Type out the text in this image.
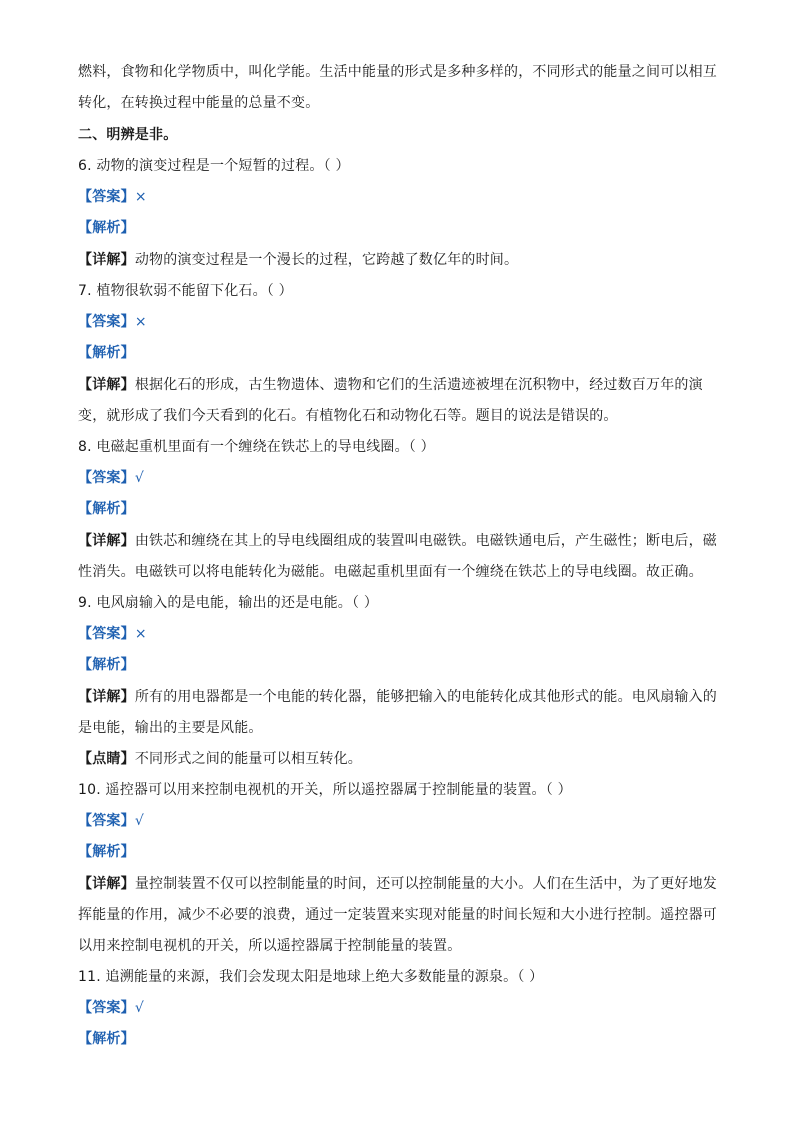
燃料，食物和化学物质中，叫化学能。生活中能量的形式是多种多样的，不同形式的能量之间可以相互
转化，在转换过程中能量的总量不变。
二、明辨是非。
6. 动物的演变过程是一个短暂的过程。（ ）
【答案】×
【解析】
【详解】动物的演变过程是一个漫长的过程，它跨越了数亿年的时间。
7. 植物很软弱不能留下化石。（ ）
【答案】×
【解析】
【详解】根据化石的形成，古生物遗体、遗物和它们的生活遗迹被埋在沉积物中，经过数百万年的演
变，就形成了我们今天看到的化石。有植物化石和动物化石等。题目的说法是错误的。
8. 电磁起重机里面有一个缠绕在铁芯上的导电线圈。（ ）
【答案】√
【解析】
【详解】由铁芯和缠绕在其上的导电线圈组成的装置叫电磁铁。电磁铁通电后，产生磁性；断电后，磁
性消失。电磁铁可以将电能转化为磁能。电磁起重机里面有一个缠绕在铁芯上的导电线圈。故正确。
9. 电风扇输入的是电能，输出的还是电能。（ ）
【答案】×
【解析】
【详解】所有的用电器都是一个电能的转化器，能够把输入的电能转化成其他形式的能。电风扇输入的
是电能，输出的主要是风能。
【点睛】不同形式之间的能量可以相互转化。
10. 遥控器可以用来控制电视机的开关，所以遥控器属于控制能量的装置。（ ）
【答案】√
【解析】
【详解】量控制装置不仅可以控制能量的时间，还可以控制能量的大小。人们在生活中，为了更好地发
挥能量的作用，减少不必要的浪费，通过一定装置来实现对能量的时间长短和大小进行控制。遥控器可
以用来控制电视机的开关，所以遥控器属于控制能量的装置。
11. 追溯能量的来源，我们会发现太阳是地球上绝大多数能量的源泉。（ ）
【答案】√
【解析】
